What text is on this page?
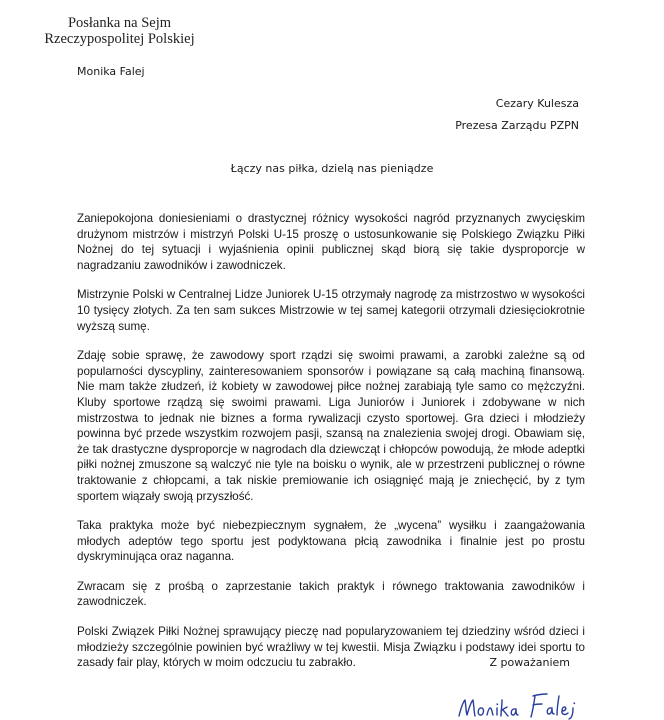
Posłanka na Sejm
Rzeczypospolitej Polskiej
Monika Falej
Cezary Kulesza
Prezesa Zarządu PZPN
Łączy nas piłka, dzielą nas pieniądze

Zaniepokojona doniesieniami o drastycznej różnicy wysokości nagród przyznanych zwycięskim drużynom mistrzów i mistrzyń Polski U-15 proszę o ustosunkowanie się Polskiego Związku Piłki Nożnej do tej sytuacji i wyjaśnienia opinii publicznej skąd biorą się takie dysproporcje w nagradzaniu zawodników i zawodniczek.

Mistrzynie Polski w Centralnej Lidze Juniorek U-15 otrzymały nagrodę za mistrzostwo w wysokości 10 tysięcy złotych. Za ten sam sukces Mistrzowie w tej samej kategorii otrzymali dziesięciokrotnie wyższą sumę.

Zdaję sobie sprawę, że zawodowy sport rządzi się swoimi prawami, a zarobki zależne są od popularności dyscypliny, zainteresowaniem sponsorów i powiązane są całą machiną finansową. Nie mam także złudzeń, iż kobiety w zawodowej piłce nożnej zarabiają tyle samo co mężczyźni. Kluby sportowe rządzą się swoimi prawami. Liga Juniorów i Juniorek i zdobywane w nich mistrzostwa to jednak nie biznes a forma rywalizacji czysto sportowej. Gra dzieci i młodzieży powinna być przede wszystkim rozwojem pasji, szansą na znalezienia swojej drogi. Obawiam się, że tak drastyczne dysproporcje w nagrodach dla dziewcząt i chłopców powodują, że młode adeptki piłki nożnej zmuszone są walczyć nie tyle na boisku o wynik, ale w przestrzeni publicznej o równe traktowanie z chłopcami, a tak niskie premiowanie ich osiągnięć mają je zniechęcić, by z tym sportem wiązały swoją przyszłość.

Taka praktyka może być niebezpiecznym sygnałem, że „wycena” wysiłku i zaangażowania młodych adeptów tego sportu jest podyktowana płcią zawodnika i finalnie jest po prostu dyskryminująca oraz naganna.

Zwracam się z prośbą o zaprzestanie takich praktyk i równego traktowania zawodników i zawodniczek.

Polski Związek Piłki Nożnej sprawujący pieczę nad popularyzowaniem tej dziedziny wśród dzieci i młodzieży szczególnie powinien być wrażliwy w tej kwestii. Misja Związku i podstawy idei sportu to zasady fair play, których w moim odczuciu tu zabrakło.	Z poważaniem
